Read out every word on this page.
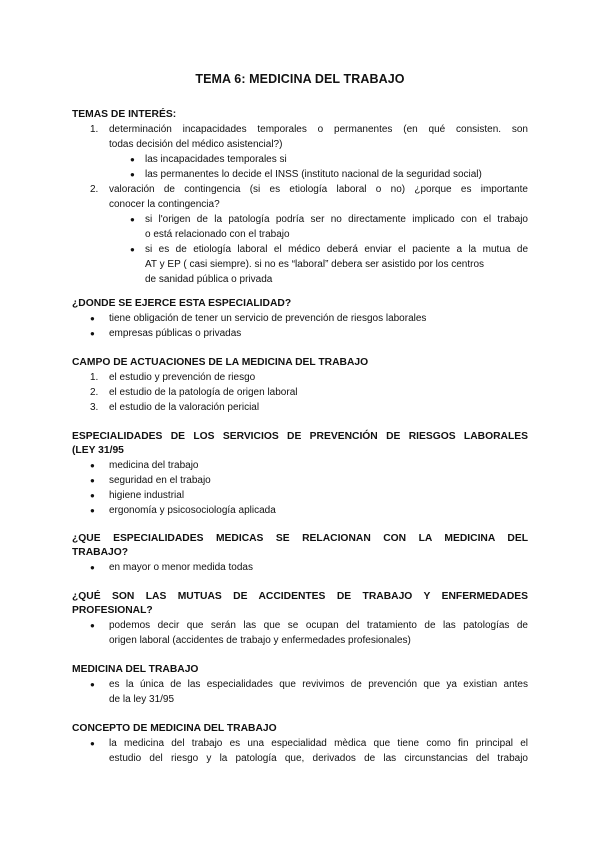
TEMA 6: MEDICINA DEL TRABAJO
TEMAS DE INTERÉS:
1. determinación incapacidades temporales o permanentes (en qué consisten. son
todas decisión del médico asistencial?)
● las incapacidades temporales si
● las permanentes lo decide el INSS (instituto nacional de la seguridad social)
2. valoración de contingencia (si es etiología laboral o no) ¿porque es importante
conocer la contingencia?
● si l'origen de la patología podría ser no directamente implicado con el trabajo
o está relacionado con el trabajo
● si es de etiología laboral el médico deberá enviar el paciente a la mutua de
AT y EP ( casi siempre). si no es “laboral” debera ser asistido por los centros
de sanidad pública o privada
¿DONDE SE EJERCE ESTA ESPECIALIDAD?
● tiene obligación de tener un servicio de prevención de riesgos laborales
● empresas públicas o privadas
CAMPO DE ACTUACIONES DE LA MEDICINA DEL TRABAJO
1. el estudio y prevención de riesgo
2. el estudio de la patología de origen laboral
3. el estudio de la valoración pericial
ESPECIALIDADES DE LOS SERVICIOS DE PREVENCIÓN DE RIESGOS LABORALES
(LEY 31/95
● medicina del trabajo
● seguridad en el trabajo
● higiene industrial
● ergonomía y psicosociología aplicada
¿QUE ESPECIALIDADES MEDICAS SE RELACIONAN CON LA MEDICINA DEL
TRABAJO?
● en mayor o menor medida todas
¿QUÉ SON LAS MUTUAS DE ACCIDENTES DE TRABAJO Y ENFERMEDADES
PROFESIONAL?
● podemos decir que serán las que se ocupan del tratamiento de las patologías de
origen laboral (accidentes de trabajo y enfermedades profesionales)
MEDICINA DEL TRABAJO
● es la única de las especialidades que revivimos de prevención que ya existian antes
de la ley 31/95
CONCEPTO DE MEDICINA DEL TRABAJO
● la medicina del trabajo es una especialidad mèdica que tiene como fin principal el
estudio del riesgo y la patología que, derivados de las circunstancias del trabajo
